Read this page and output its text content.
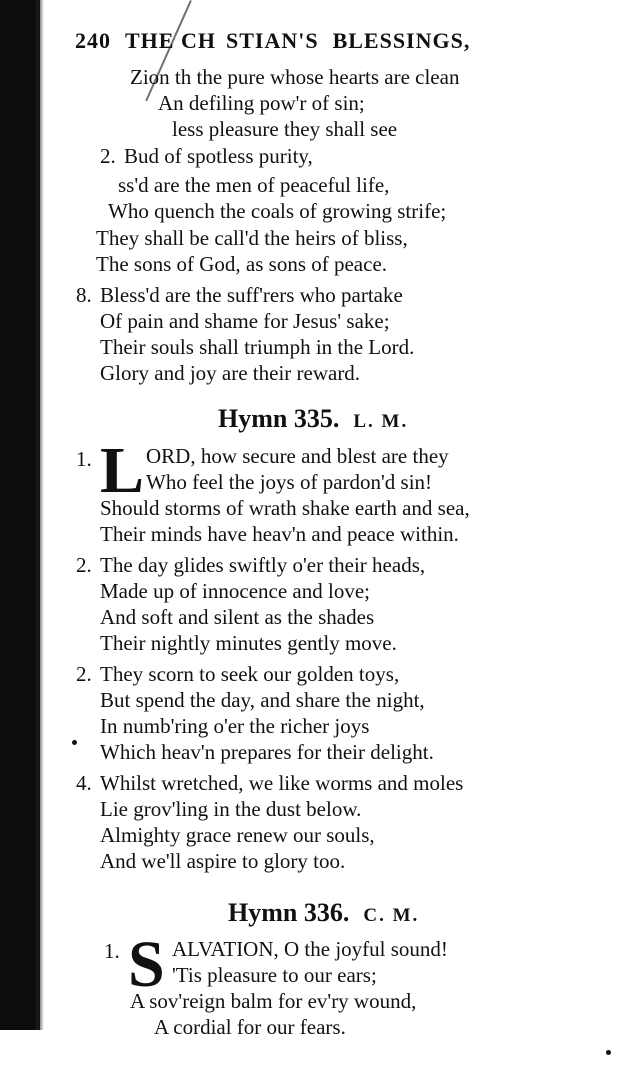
240 THE CH STIAN'S BLESSINGS,
Zion th the pure whose hearts are clean
An defiling pow'r of sin;
less pleasure they shall see
2. Bud of spotless purity,
ss'd are the men of peaceful life,
Who quench the coals of growing strife;
They shall be call'd the heirs of bliss,
The sons of God, as sons of peace.
8. Bless'd are the suff'rers who partake
Of pain and shame for Jesus' sake;
Their souls shall triumph in the Lord.
Glory and joy are their reward.
Hymn 335. L. M.
1. L ORD, how secure and blest are they
Who feel the joys of pardon'd sin!
Should storms of wrath shake earth and sea,
Their minds have heav'n and peace within.
2. The day glides swiftly o'er their heads,
Made up of innocence and love;
And soft and silent as the shades
Their nightly minutes gently move.
2. They scorn to seek our golden toys,
But spend the day, and share the night,
In numb'ring o'er the richer joys
Which heav'n prepares for their delight.
4. Whilst wretched, we like worms and moles
Lie grov'ling in the dust below.
Almighty grace renew our souls,
And we'll aspire to glory too.
Hymn 336. C. M.
1. S ALVATION, O the joyful sound!
'Tis pleasure to our ears;
A sov'reign balm for ev'ry wound,
A cordial for our fears.
